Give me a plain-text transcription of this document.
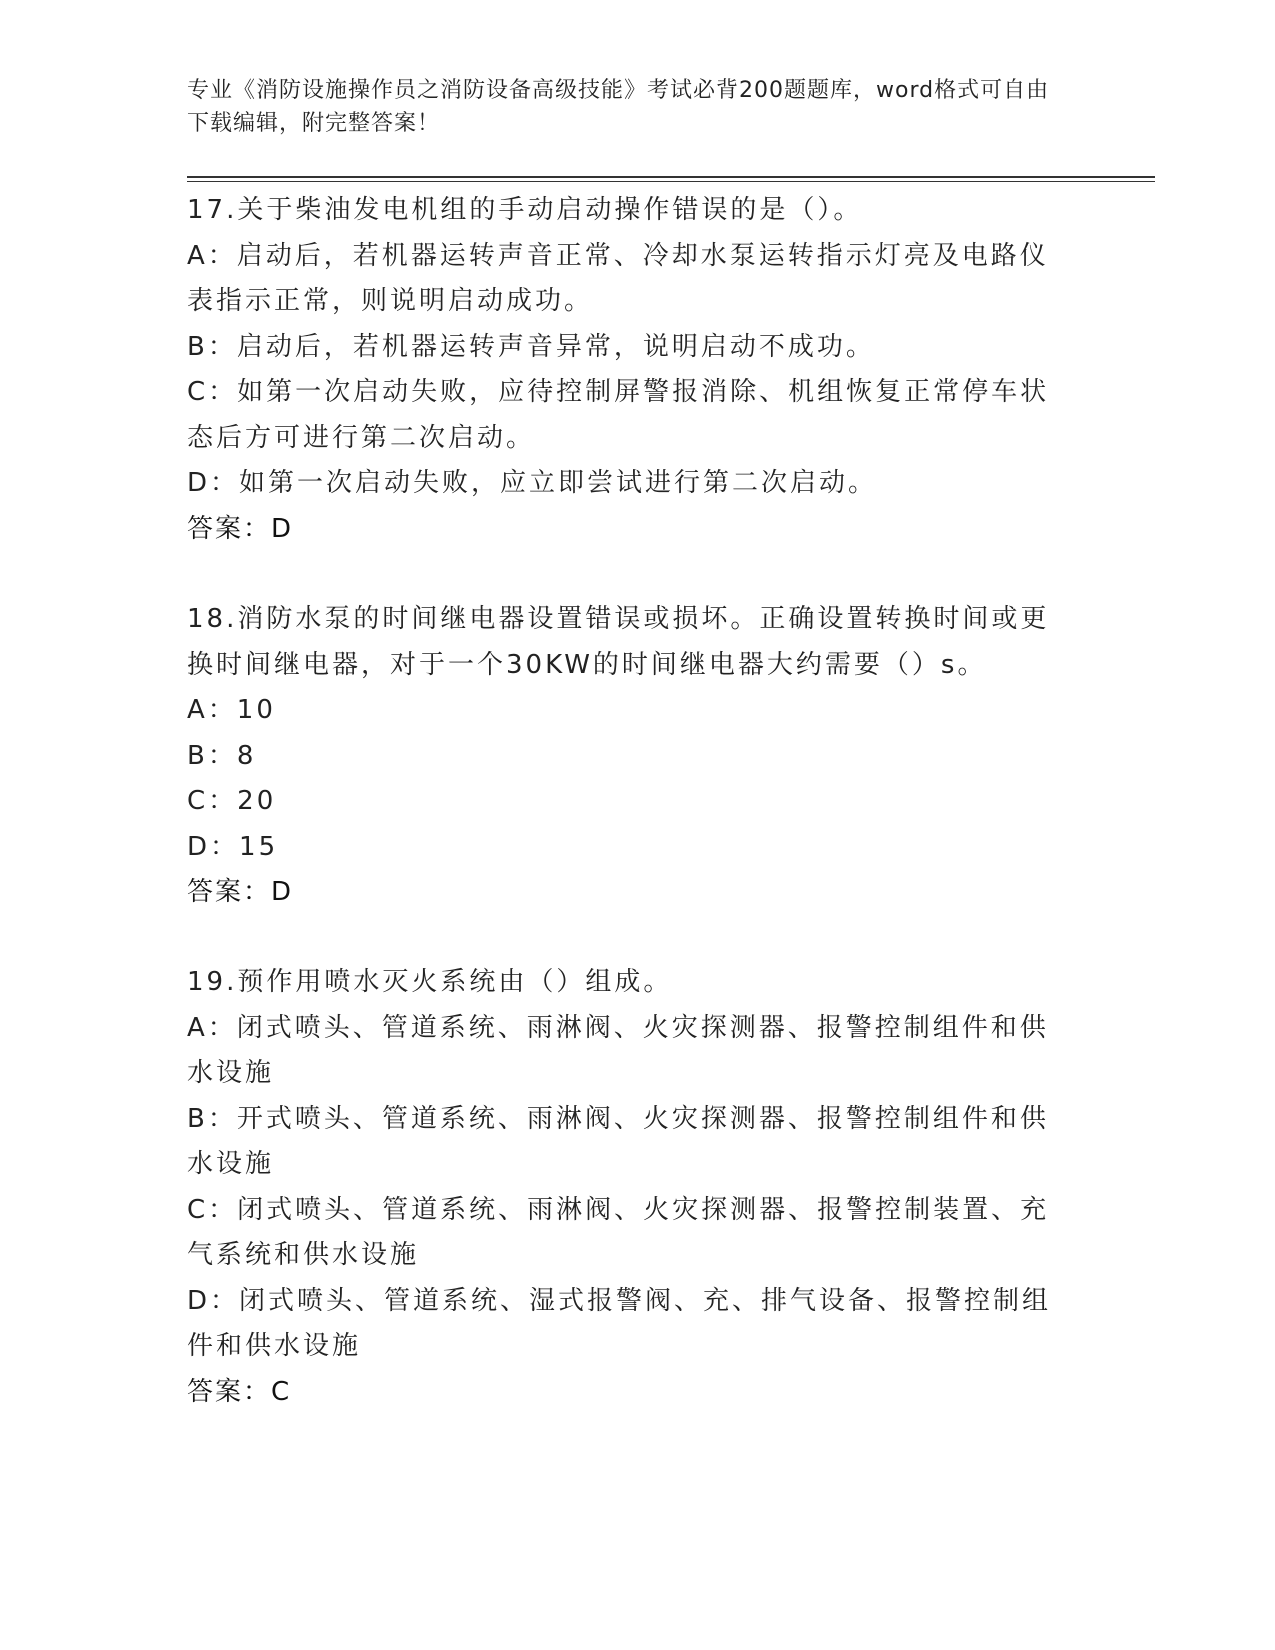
专业《消防设施操作员之消防设备高级技能》考试必背200题题库，word格式可自由下载编辑，附完整答案！
17.关于柴油发电机组的手动启动操作错误的是（）。
A：启动后，若机器运转声音正常、冷却水泵运转指示灯亮及电路仪表指示正常，则说明启动成功。
B：启动后，若机器运转声音异常，说明启动不成功。
C：如第一次启动失败，应待控制屏警报消除、机组恢复正常停车状态后方可进行第二次启动。
D：如第一次启动失败，应立即尝试进行第二次启动。
答案：D
18.消防水泵的时间继电器设置错误或损坏。正确设置转换时间或更换时间继电器，对于一个30KW的时间继电器大约需要（）s。
A：10
B：8
C：20
D：15
答案：D
19.预作用喷水灭火系统由（）组成。
A：闭式喷头、管道系统、雨淋阀、火灾探测器、报警控制组件和供水设施
B：开式喷头、管道系统、雨淋阀、火灾探测器、报警控制组件和供水设施
C：闭式喷头、管道系统、雨淋阀、火灾探测器、报警控制装置、充气系统和供水设施
D：闭式喷头、管道系统、湿式报警阀、充、排气设备、报警控制组件和供水设施
答案：C
